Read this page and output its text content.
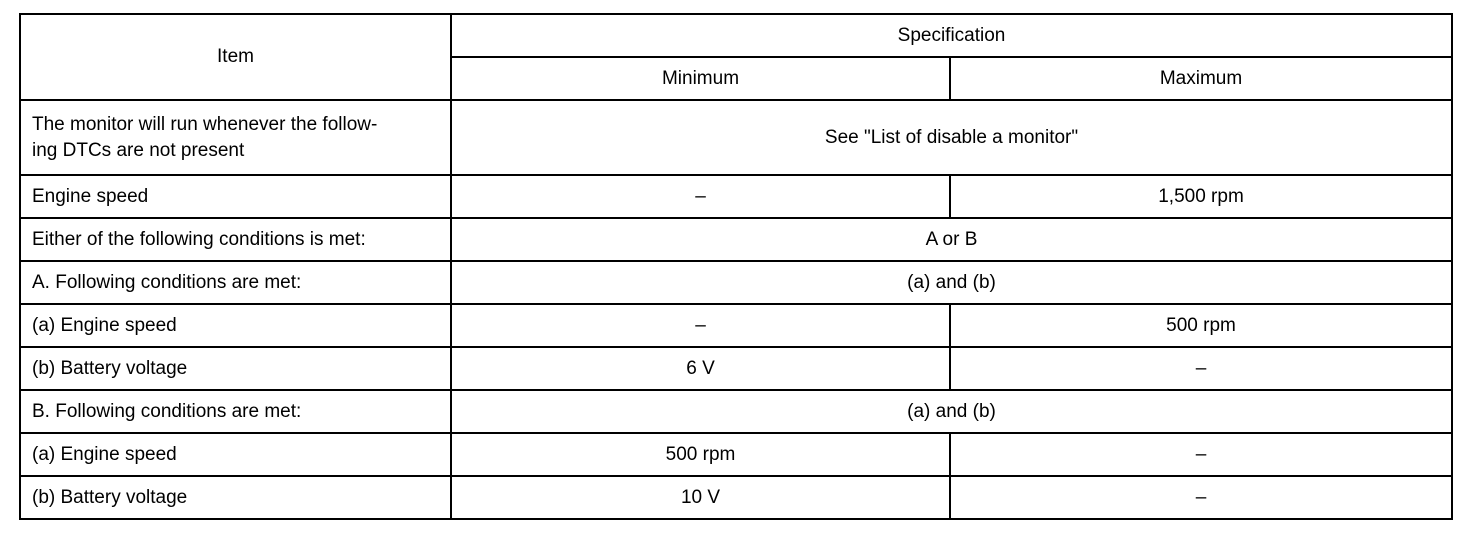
Item	Specification	
	Minimum	Maximum
The monitor will run whenever the follow-
ing DTCs are not present	See "List of disable a monitor"	
Engine speed	–	1,500 rpm
Either of the following conditions is met:	A or B	
A. Following conditions are met:	(a) and (b)	
(a) Engine speed	–	500 rpm
(b) Battery voltage	6 V	–
B. Following conditions are met:	(a) and (b)	
(a) Engine speed	500 rpm	–
(b) Battery voltage	10 V	–
